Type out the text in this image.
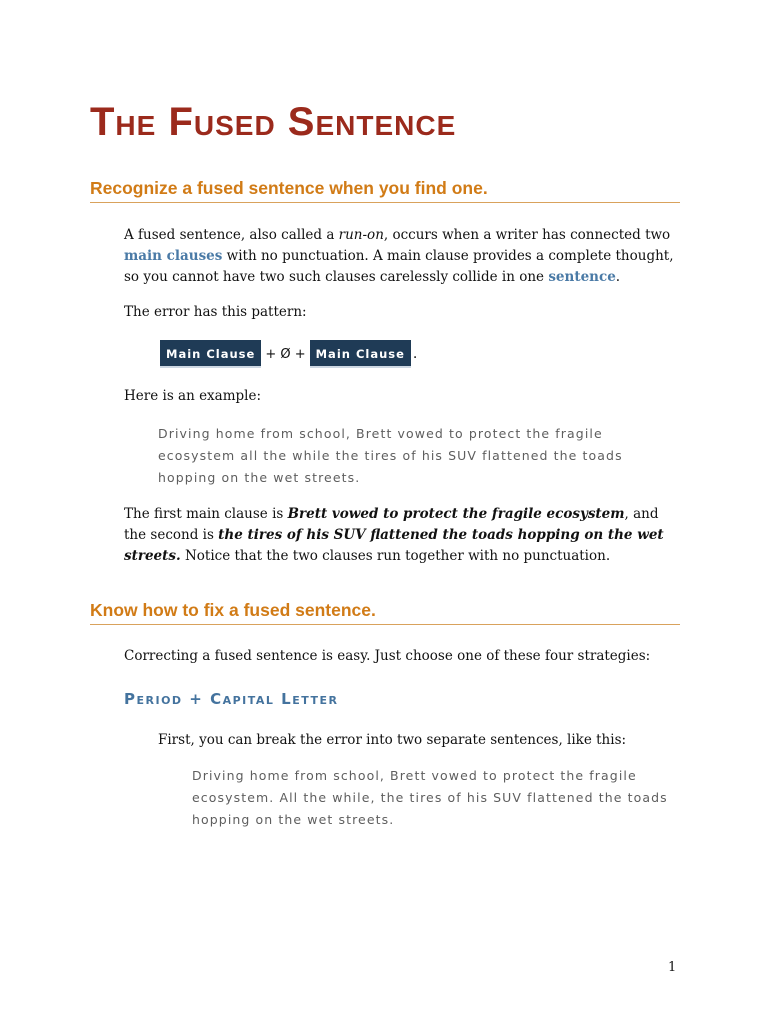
The Fused Sentence
Recognize a fused sentence when you find one.
A fused sentence, also called a run-on, occurs when a writer has connected two main clauses with no punctuation. A main clause provides a complete thought, so you cannot have two such clauses carelessly collide in one sentence.
The error has this pattern:
Main Clause + Ø + Main Clause .
Here is an example:
Driving home from school, Brett vowed to protect the fragile
ecosystem all the while the tires of his SUV flattened the toads
hopping on the wet streets.
The first main clause is Brett vowed to protect the fragile ecosystem, and the second is the tires of his SUV flattened the toads hopping on the wet streets. Notice that the two clauses run together with no punctuation.
Know how to fix a fused sentence.
Correcting a fused sentence is easy. Just choose one of these four strategies:
Period + Capital Letter
First, you can break the error into two separate sentences, like this:
Driving home from school, Brett vowed to protect the fragile
ecosystem. All the while, the tires of his SUV flattened the toads
hopping on the wet streets.
1
